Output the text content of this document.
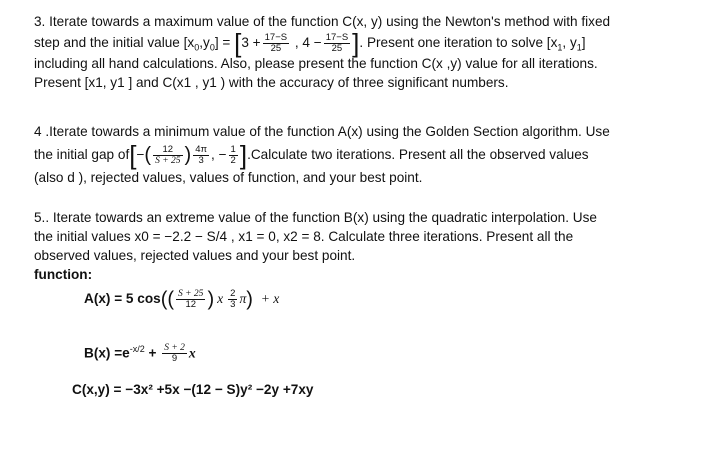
3. Iterate towards a maximum value of the function C(x, y) using the Newton's method with fixed
step and the initial value $[x_0,y_0] = [3 + \frac{17-S}{25}$ , $4 - \frac{17-S}{25}$ ]. Present one iteration to solve [$x_1$, $y_1$]
including all hand calculations. Also, please present the function C(x ,y) value for all iterations.
Present [x1, y1 ] and C(x1 , y1 ) with the accuracy of three significant numbers.
4 .Iterate towards a minimum value of the function A(x) using the Golden Section algorithm. Use
the initial gap $of[-( \frac{12}{S + 25}$ ) $\frac{4\pi}{3}$ , − $\frac{1}{2}$ ].Calculate two iterations. Present all the observed values
(also d ), rejected values, values of function, and your best point.
5.. Iterate towards an extreme value of the function B(x) using the quadratic interpolation. Use
the initial values x0 = −2.2 − S/4 , x1 = 0, x2 = 8. Calculate three iterations. Present all the
observed values, rejected values and your best point.
function:
A(x) = 5 $\cos(( \frac{S + 25}{12}$ ) x $\frac{2}{3} \pi) + x$
$B(x) =e^{-x/2} + \frac{S + 2}{9}$ x
C(x,y) = −3x² +5x −(12 − S)y² −2y +7xy
